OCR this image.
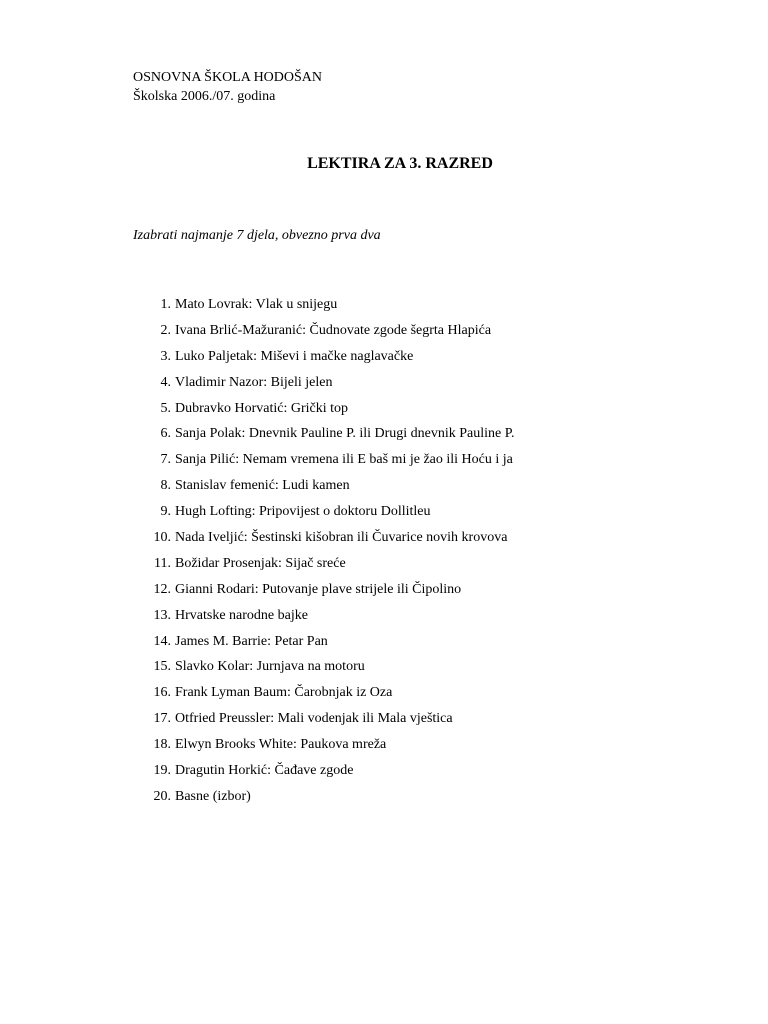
OSNOVNA ŠKOLA HODOŠAN
Školska 2006./07. godina
LEKTIRA ZA 3. RAZRED
Izabrati najmanje 7 djela, obvezno prva dva
1. Mato Lovrak: Vlak u snijegu
2. Ivana Brlić-Mažuranić: Čudnovate zgode šegrta Hlapića
3. Luko Paljetak: Miševi i mačke naglavačke
4. Vladimir Nazor: Bijeli jelen
5. Dubravko Horvatić: Grički top
6. Sanja Polak: Dnevnik Pauline P. ili Drugi dnevnik Pauline P.
7. Sanja Pilić: Nemam vremena ili E baš mi je žao ili Hoću i ja
8. Stanislav femenić: Ludi kamen
9. Hugh Lofting: Pripovijest o doktoru Dollitleu
10. Nada Iveljić: Šestinski kišobran ili Čuvarice novih krovova
11. Božidar Prosenjak: Sijač sreće
12. Gianni Rodari: Putovanje plave strijele ili Čipolino
13. Hrvatske narodne bajke
14. James M. Barrie: Petar Pan
15. Slavko Kolar: Jurnjava na motoru
16. Frank Lyman Baum: Čarobnjak iz Oza
17. Otfried Preussler: Mali vodenjak ili Mala vještica
18. Elwyn Brooks White: Paukova mreža
19. Dragutin Horkić: Čađave zgode
20. Basne (izbor)
